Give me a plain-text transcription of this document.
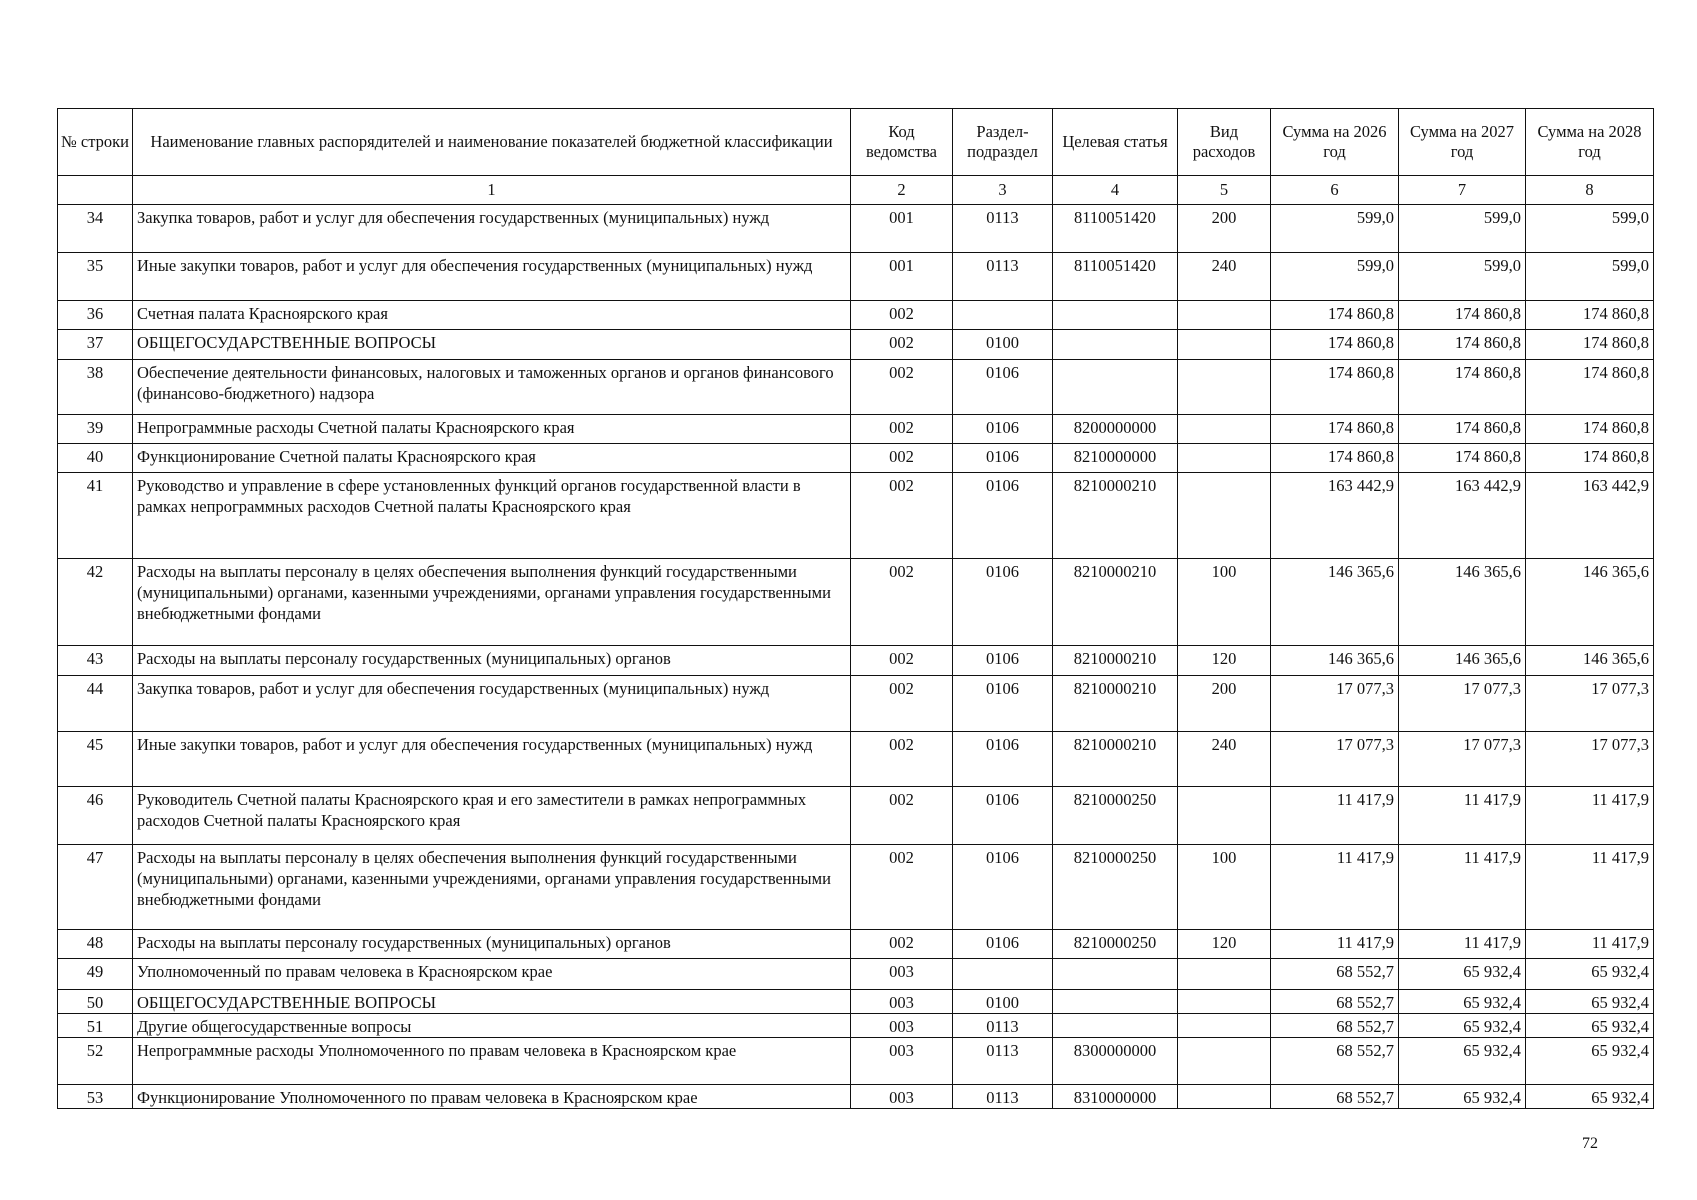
№ строки	Наименование главных распорядителей и наименование показателей бюджетной классификации	Код ведомства	Раздел-подраздел	Целевая статья	Вид расходов	Сумма на 2026 год	Сумма на 2027 год	Сумма на 2028 год
	1	2	3	4	5	6	7	8
34	Закупка товаров, работ и услуг для обеспечения государственных (муниципальных) нужд	001	0113	8110051420	200	599,0	599,0	599,0
35	Иные закупки товаров, работ и услуг для обеспечения государственных (муниципальных) нужд	001	0113	8110051420	240	599,0	599,0	599,0
36	Счетная палата Красноярского края	002				174 860,8	174 860,8	174 860,8
37	ОБЩЕГОСУДАРСТВЕННЫЕ ВОПРОСЫ	002	0100			174 860,8	174 860,8	174 860,8
38	Обеспечение деятельности финансовых, налоговых и таможенных органов и органов финансового (финансово-бюджетного) надзора	002	0106			174 860,8	174 860,8	174 860,8
39	Непрограммные расходы Счетной палаты Красноярского края	002	0106	8200000000		174 860,8	174 860,8	174 860,8
40	Функционирование Счетной палаты Красноярского края	002	0106	8210000000		174 860,8	174 860,8	174 860,8
41	Руководство и управление в сфере установленных функций органов государственной власти в рамках непрограммных расходов Счетной палаты Красноярского края	002	0106	8210000210		163 442,9	163 442,9	163 442,9
42	Расходы на выплаты персоналу в целях обеспечения выполнения функций государственными (муниципальными) органами, казенными учреждениями, органами управления государственными внебюджетными фондами	002	0106	8210000210	100	146 365,6	146 365,6	146 365,6
43	Расходы на выплаты персоналу государственных (муниципальных) органов	002	0106	8210000210	120	146 365,6	146 365,6	146 365,6
44	Закупка товаров, работ и услуг для обеспечения государственных (муниципальных) нужд	002	0106	8210000210	200	17 077,3	17 077,3	17 077,3
45	Иные закупки товаров, работ и услуг для обеспечения государственных (муниципальных) нужд	002	0106	8210000210	240	17 077,3	17 077,3	17 077,3
46	Руководитель Счетной палаты Красноярского края и его заместители в рамках непрограммных расходов Счетной палаты Красноярского края	002	0106	8210000250		11 417,9	11 417,9	11 417,9
47	Расходы на выплаты персоналу в целях обеспечения выполнения функций государственными (муниципальными) органами, казенными учреждениями, органами управления государственными внебюджетными фондами	002	0106	8210000250	100	11 417,9	11 417,9	11 417,9
48	Расходы на выплаты персоналу государственных (муниципальных) органов	002	0106	8210000250	120	11 417,9	11 417,9	11 417,9
49	Уполномоченный по правам человека в Красноярском крае	003				68 552,7	65 932,4	65 932,4
50	ОБЩЕГОСУДАРСТВЕННЫЕ ВОПРОСЫ	003	0100			68 552,7	65 932,4	65 932,4
51	Другие общегосударственные вопросы	003	0113			68 552,7	65 932,4	65 932,4
52	Непрограммные расходы Уполномоченного по правам человека в Красноярском крае	003	0113	8300000000		68 552,7	65 932,4	65 932,4
53	Функционирование Уполномоченного по правам человека в Красноярском крае	003	0113	8310000000		68 552,7	65 932,4	65 932,4
72
